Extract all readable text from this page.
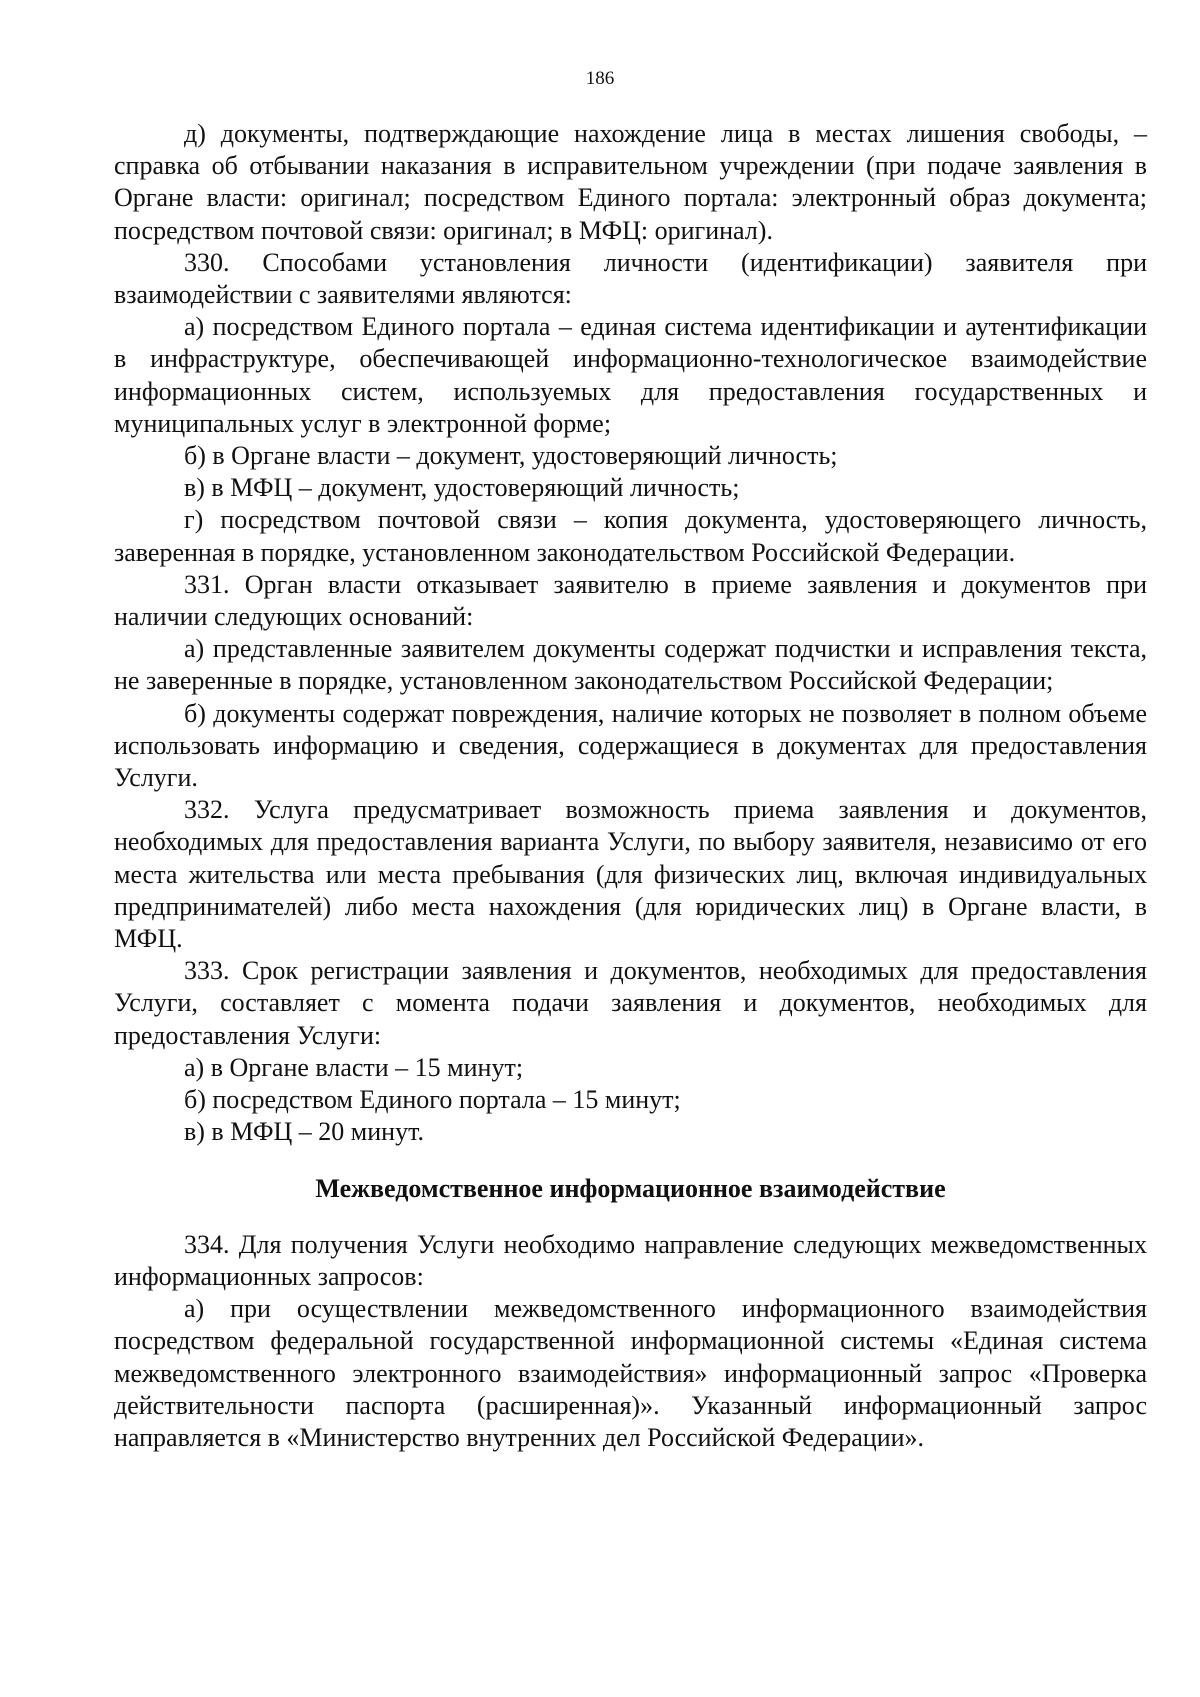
186

д) документы, подтверждающие нахождение лица в местах лишения свободы, – справка об отбывании наказания в исправительном учреждении (при подаче заявления в Органе власти: оригинал; посредством Единого портала: электронный образ документа; посредством почтовой связи: оригинал; в МФЦ: оригинал).

330. Способами установления личности (идентификации) заявителя при взаимодействии с заявителями являются:

а) посредством Единого портала – единая система идентификации и аутентификации в инфраструктуре, обеспечивающей информационно-технологическое взаимодействие информационных систем, используемых для предоставления государственных и муниципальных услуг в электронной форме;

б) в Органе власти – документ, удостоверяющий личность;

в) в МФЦ – документ, удостоверяющий личность;

г) посредством почтовой связи – копия документа, удостоверяющего личность, заверенная в порядке, установленном законодательством Российской Федерации.

331. Орган власти отказывает заявителю в приеме заявления и документов при наличии следующих оснований:

а) представленные заявителем документы содержат подчистки и исправления текста, не заверенные в порядке, установленном законодательством Российской Федерации;

б) документы содержат повреждения, наличие которых не позволяет в полном объеме использовать информацию и сведения, содержащиеся в документах для предоставления Услуги.

332. Услуга предусматривает возможность приема заявления и документов, необходимых для предоставления варианта Услуги, по выбору заявителя, независимо от его места жительства или места пребывания (для физических лиц, включая индивидуальных предпринимателей) либо места нахождения (для юридических лиц) в Органе власти, в МФЦ.

333. Срок регистрации заявления и документов, необходимых для предоставления Услуги, составляет с момента подачи заявления и документов, необходимых для предоставления Услуги:

а) в Органе власти – 15 минут;

б) посредством Единого портала – 15 минут;

в) в МФЦ – 20 минут.

Межведомственное информационное взаимодействие

334. Для получения Услуги необходимо направление следующих межведомственных информационных запросов:

а) при осуществлении межведомственного информационного взаимодействия посредством федеральной государственной информационной системы «Единая система межведомственного электронного взаимодействия» информационный запрос «Проверка действительности паспорта (расширенная)». Указанный информационный запрос направляется в «Министерство внутренних дел Российской Федерации».
